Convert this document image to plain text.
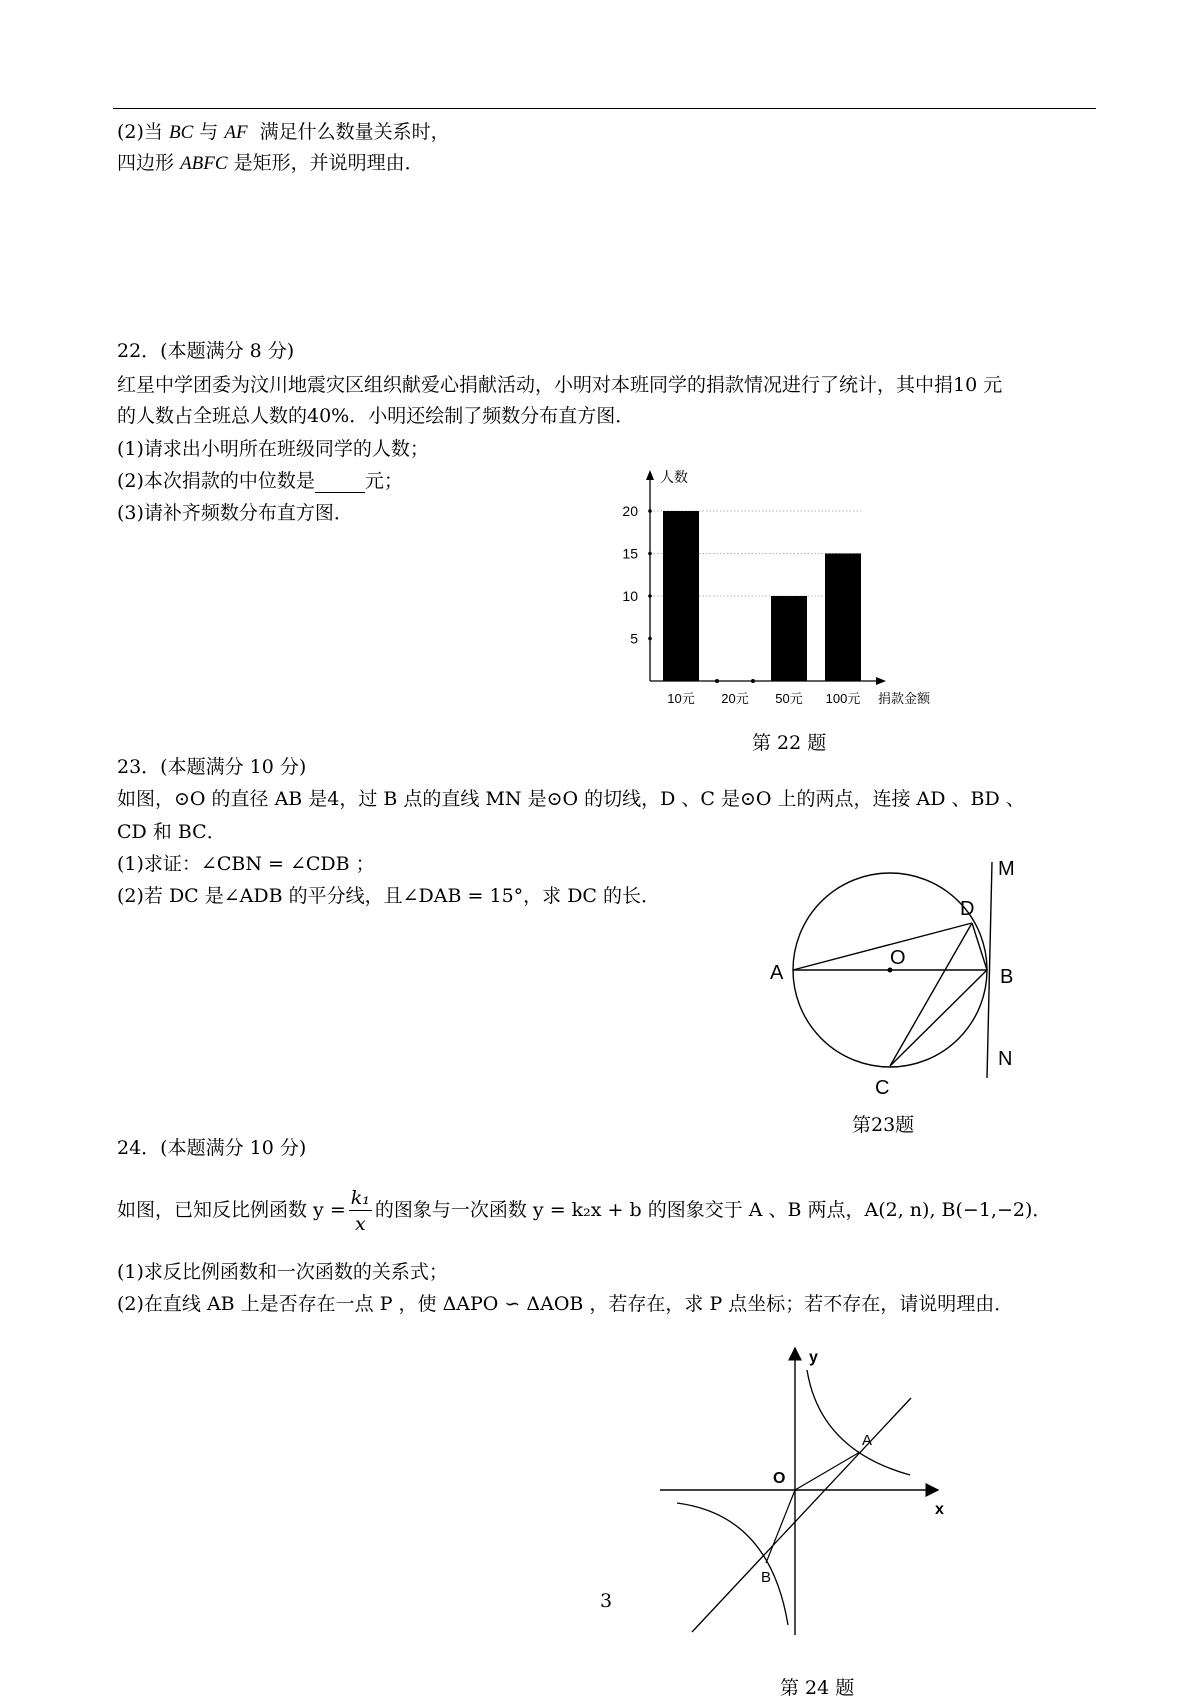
(2)当 BC 与 AF 满足什么数量关系时，
四边形 ABFC 是矩形，并说明理由．
22．(本题满分 8 分)
红星中学团委为汶川地震灾区组织献爱心捐献活动，小明对本班同学的捐款情况进行了统计，其中捐10 元
的人数占全班总人数的40%．小明还绘制了频数分布直方图．
(1)请求出小明所在班级同学的人数；
(2)本次捐款的中位数是	元；
(3)请补齐频数分布直方图．
10元 20元 50元 100元
5
10
15
20
人数
捐款金额
第 22 题
23．(本题满分 10 分)
如图，⊙O 的直径 AB 是4，过 B 点的直线 MN 是⊙O 的切线，D 、C 是⊙O 上的两点，连接 AD 、BD 、
CD 和 BC．
(1)求证：∠CBN = ∠CDB ；
(2)若 DC 是∠ADB 的平分线，且∠DAB = 15°，求 DC 的长．
M
D
A
O
B
N
C
第23题
24．(本题满分 10 分)
如图，已知反比例函数 $y = \frac{\text{k₁}}{x}$ 的图象与一次函数 y = k₂x + b 的图象交于 A 、B 两点，A(2, n), B(−1,−2)．
(1)求反比例函数和一次函数的关系式；
(2)在直线 AB 上是否存在一点 P ，使 ΔAPO ∽ ΔAOB ，若存在，求 P 点坐标；若不存在，请说明理由．
y
x
O
A
B
3
第 24 题
